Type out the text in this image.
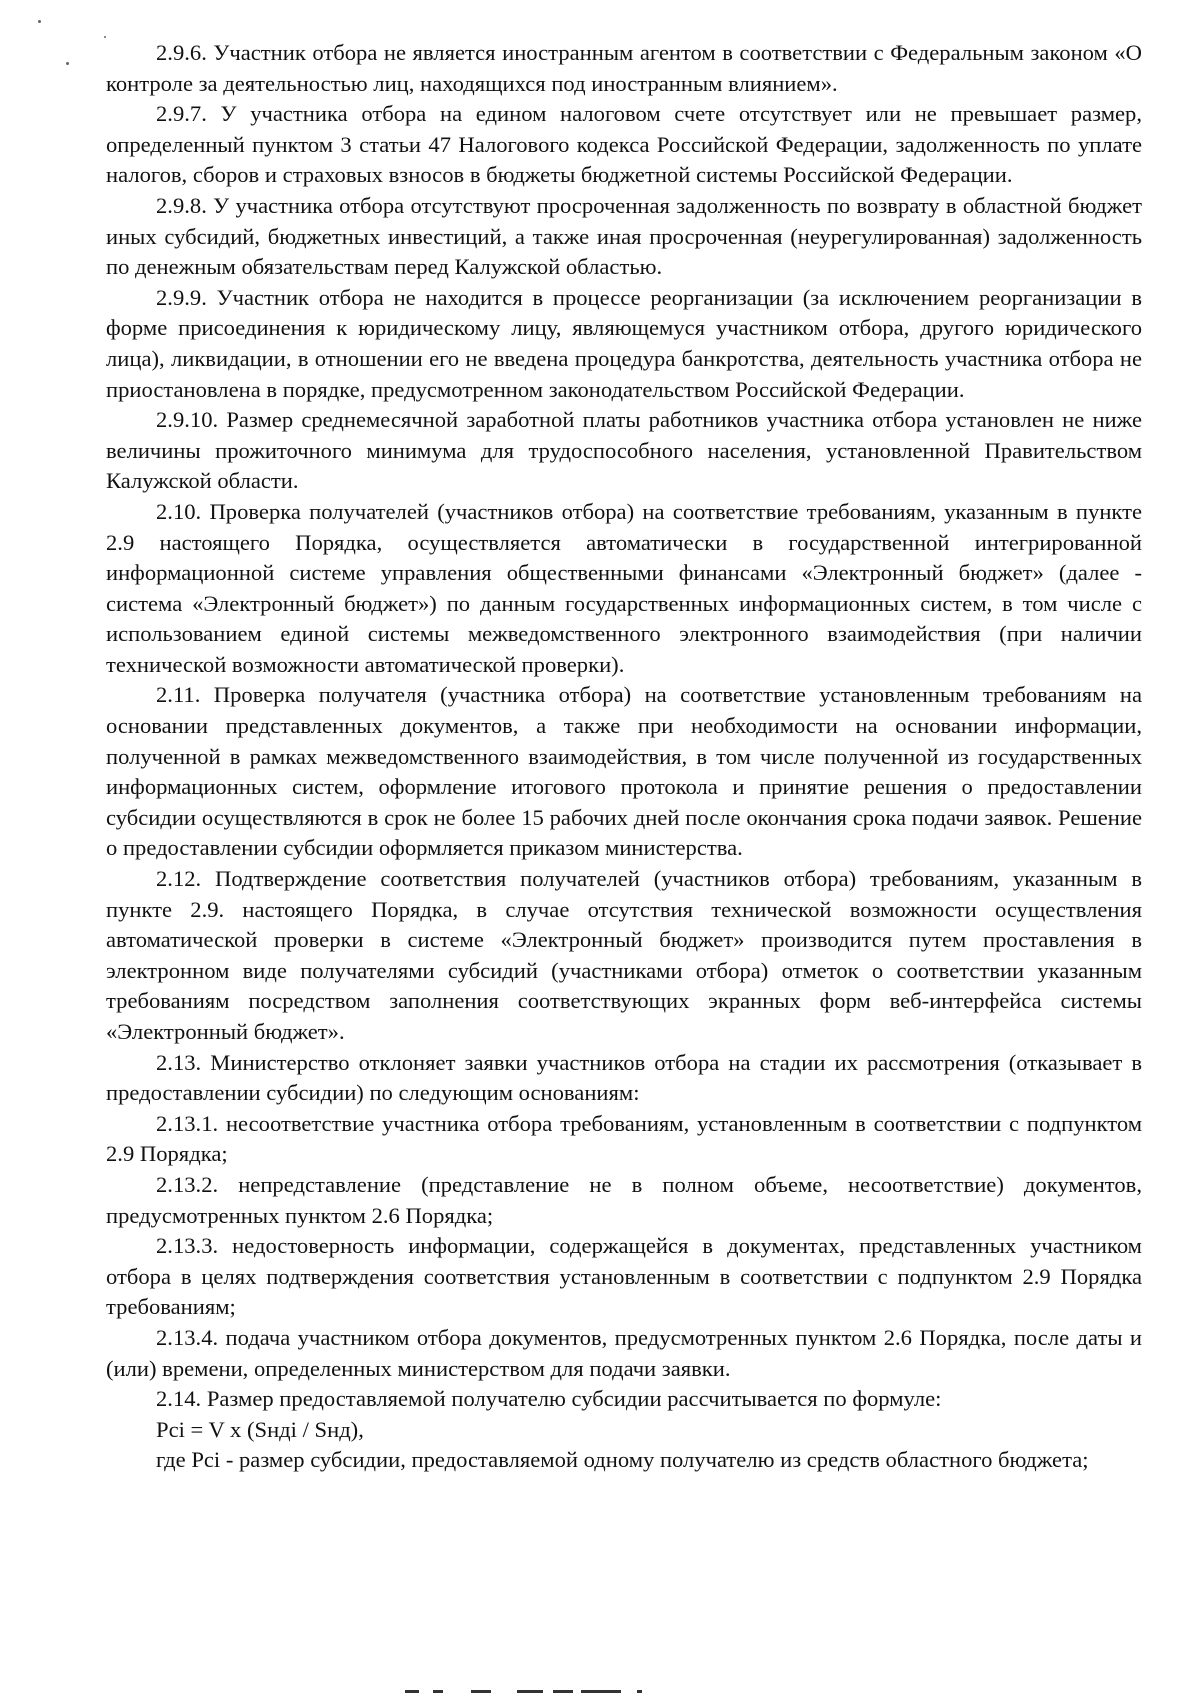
2.9.6. Участник отбора не является иностранным агентом в соответствии с Федеральным законом «О контроле за деятельностью лиц, находящихся под иностранным влиянием».

2.9.7. У участника отбора на едином налоговом счете отсутствует или не превышает размер, определенный пунктом 3 статьи 47 Налогового кодекса Российской Федерации, задолженность по уплате налогов, сборов и страховых взносов в бюджеты бюджетной системы Российской Федерации.

2.9.8. У участника отбора отсутствуют просроченная задолженность по возврату в областной бюджет иных субсидий, бюджетных инвестиций, а также иная просроченная (неурегулированная) задолженность по денежным обязательствам перед Калужской областью.

2.9.9. Участник отбора не находится в процессе реорганизации (за исключением реорганизации в форме присоединения к юридическому лицу, являющемуся участником отбора, другого юридического лица), ликвидации, в отношении его не введена процедура банкротства, деятельность участника отбора не приостановлена в порядке, предусмотренном законодательством Российской Федерации.

2.9.10. Размер среднемесячной заработной платы работников участника отбора установлен не ниже величины прожиточного минимума для трудоспособного населения, установленной Правительством Калужской области.

2.10. Проверка получателей (участников отбора) на соответствие требованиям, указанным в пункте 2.9 настоящего Порядка, осуществляется автоматически в государственной интегрированной информационной системе управления общественными финансами «Электронный бюджет» (далее - система «Электронный бюджет») по данным государственных информационных систем, в том числе с использованием единой системы межведомственного электронного взаимодействия (при наличии технической возможности автоматической проверки).

2.11. Проверка получателя (участника отбора) на соответствие установленным требованиям на основании представленных документов, а также при необходимости на основании информации, полученной в рамках межведомственного взаимодействия, в том числе полученной из государственных информационных систем, оформление итогового протокола и принятие решения о предоставлении субсидии осуществляются в срок не более 15 рабочих дней после окончания срока подачи заявок. Решение о предоставлении субсидии оформляется приказом министерства.

2.12. Подтверждение соответствия получателей (участников отбора) требованиям, указанным в пункте 2.9. настоящего Порядка, в случае отсутствия технической возможности осуществления автоматической проверки в системе «Электронный бюджет» производится путем проставления в электронном виде получателями субсидий (участниками отбора) отметок о соответствии указанным требованиям посредством заполнения соответствующих экранных форм веб-интерфейса системы «Электронный бюджет».

2.13. Министерство отклоняет заявки участников отбора на стадии их рассмотрения (отказывает в предоставлении субсидии) по следующим основаниям:

2.13.1. несоответствие участника отбора требованиям, установленным в соответствии с подпунктом 2.9 Порядка;

2.13.2. непредставление (представление не в полном объеме, несоответствие) документов, предусмотренных пунктом 2.6 Порядка;

2.13.3. недостоверность информации, содержащейся в документах, представленных участником отбора в целях подтверждения соответствия установленным в соответствии с подпунктом 2.9 Порядка требованиям;

2.13.4. подача участником отбора документов, предусмотренных пунктом 2.6 Порядка, после даты и (или) времени, определенных министерством для подачи заявки.

2.14. Размер предоставляемой получателю субсидии рассчитывается по формуле:

Pci = V x (Sндi / Sнд),

где Pci - размер субсидии, предоставляемой одному получателю из средств областного бюджета;
